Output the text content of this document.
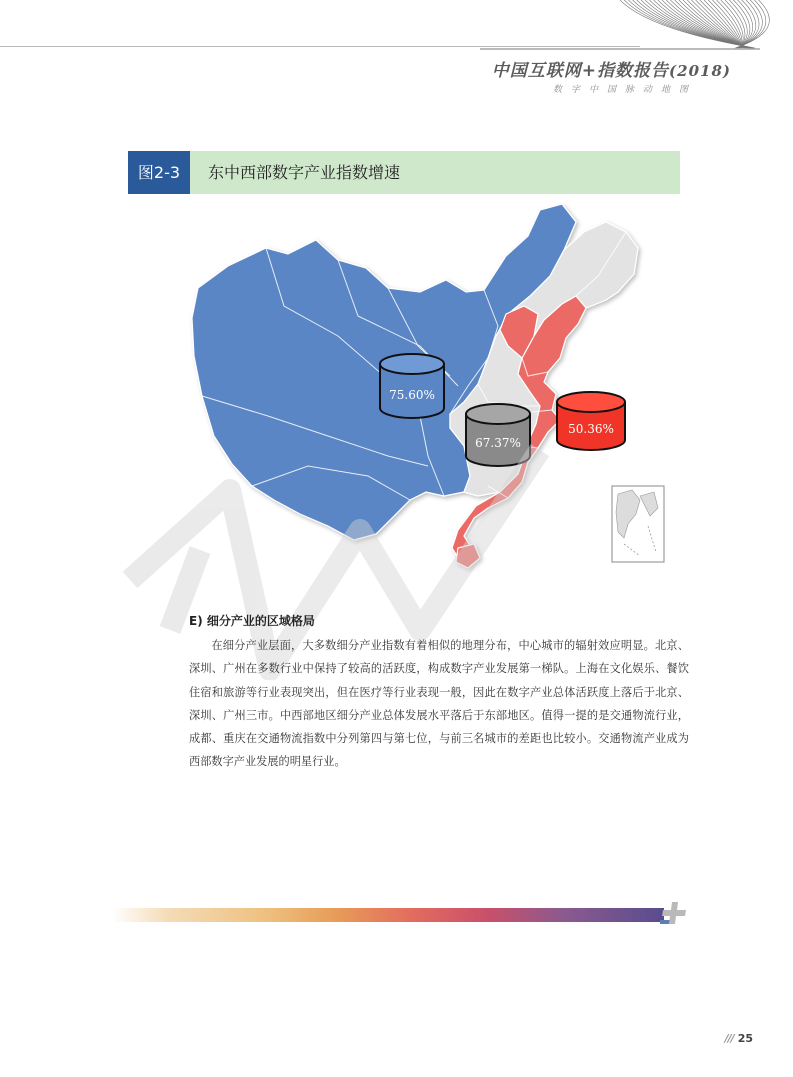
中国互联网+指数报告(2018)
数字中国脉动地图
图2-3	东中西部数字产业指数增速
75.60%
67.37%
50.36%
E) 细分产业的区域格局
在细分产业层面，大多数细分产业指数有着相似的地理分布，中心城市的辐射效应明显。北京、深圳、广州在多数行业中保持了较高的活跃度，构成数字产业发展第一梯队。上海在文化娱乐、餐饮住宿和旅游等行业表现突出，但在医疗等行业表现一般，因此在数字产业总体活跃度上落后于北京、深圳、广州三市。中西部地区细分产业总体发展水平落后于东部地区。值得一提的是交通物流行业，成都、重庆在交通物流指数中分列第四与第七位，与前三名城市的差距也比较小。交通物流产业成为西部数字产业发展的明星行业。
/// 25
